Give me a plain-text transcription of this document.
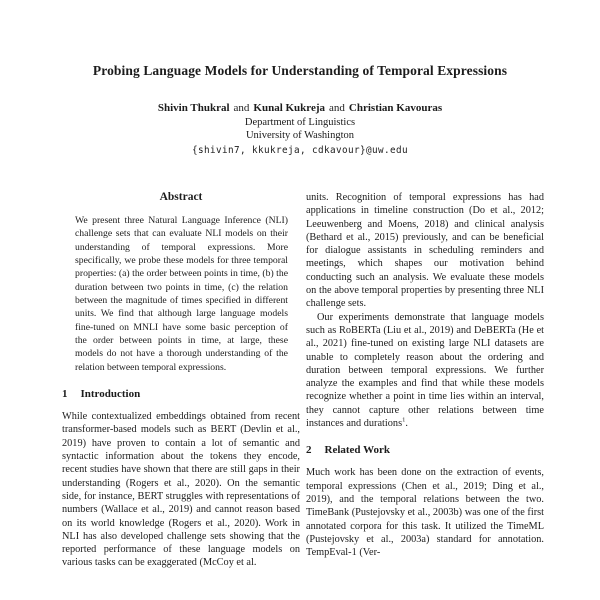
Probing Language Models for Understanding of Temporal Expressions
Shivin Thukral and Kunal Kukreja and Christian Kavouras
Department of Linguistics
University of Washington
{shivin7, kkukreja, cdkavour}@uw.edu
Abstract
We present three Natural Language Inference (NLI) challenge sets that can evaluate NLI models on their understanding of temporal expressions. More specifically, we probe these models for three temporal properties: (a) the order between points in time, (b) the duration between two points in time, (c) the relation between the magnitude of times specified in different units. We find that although large language models fine-tuned on MNLI have some basic perception of the order between points in time, at large, these models do not have a thorough understanding of the relation between temporal expressions.
1 Introduction
While contextualized embeddings obtained from recent transformer-based models such as BERT (Devlin et al., 2019) have proven to contain a lot of semantic and syntactic information about the tokens they encode, recent studies have shown that there are still gaps in their understanding (Rogers et al., 2020). On the semantic side, for instance, BERT struggles with representations of numbers (Wallace et al., 2019) and cannot reason based on its world knowledge (Rogers et al., 2020). Work in NLI has also developed challenge sets showing that the reported performance of these language models on various tasks can be exaggerated (McCoy et al.
units. Recognition of temporal expressions has had applications in timeline construction (Do et al., 2012; Leeuwenberg and Moens, 2018) and clinical analysis (Bethard et al., 2015) previously, and can be beneficial for dialogue assistants in scheduling reminders and meetings, which shapes our motivation behind conducting such an analysis. We evaluate these models on the above temporal properties by presenting three NLI challenge sets.
Our experiments demonstrate that language models such as RoBERTa (Liu et al., 2019) and DeBERTa (He et al., 2021) fine-tuned on existing large NLI datasets are unable to completely reason about the ordering and duration between temporal expressions. We further analyze the examples and find that while these models recognize whether a point in time lies within an interval, they cannot capture other relations between time instances and durations$^1$.
2 Related Work
Much work has been done on the extraction of events, temporal expressions (Chen et al., 2019; Ding et al., 2019), and the temporal relations between the two. TimeBank (Pustejovsky et al., 2003b) was one of the first annotated corpora for this task. It utilized the TimeML (Pustejovsky et al., 2003a) standard for annotation. TempEval-1 (Ver-
